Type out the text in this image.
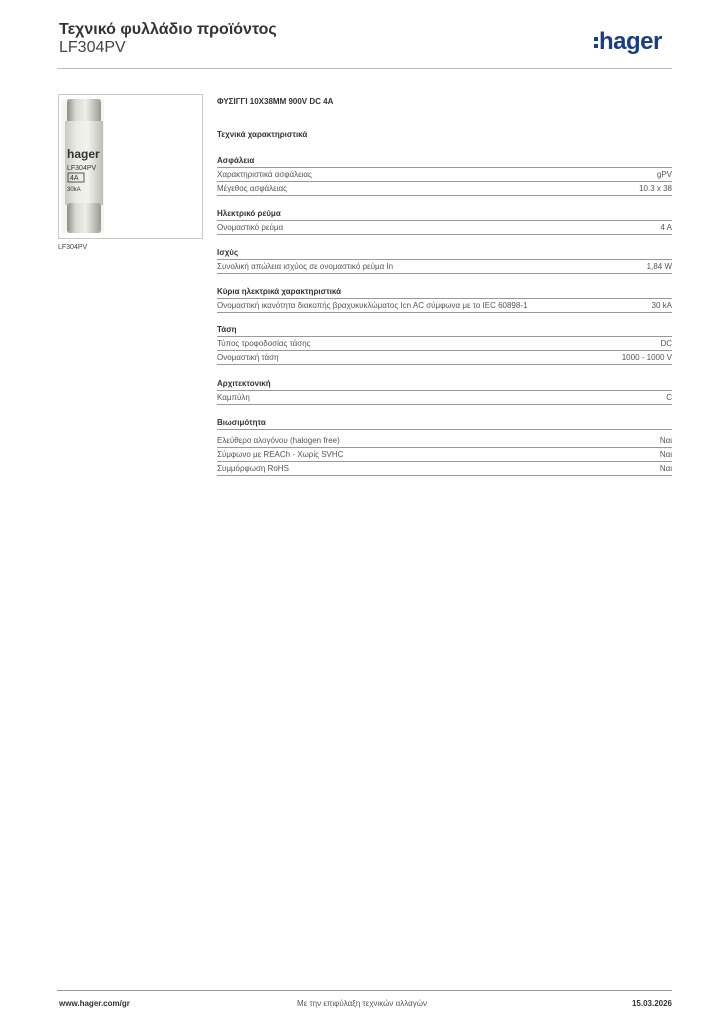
Τεχνικό φυλλάδιο προϊόντος
LF304PV	hager
hager
LF304PV
4A
30kA
LF304PV
ΦΥΣΙΓΓΙ 10X38MM 900V DC 4A
Τεχνικά χαρακτηριστικά
Ασφάλεια
Χαρακτηριστικά ασφάλειας	gPV
Μέγεθος ασφάλειας	10.3 x 38
Ηλεκτρικό ρεύμα
Ονομαστικό ρεύμα	4 A
Ισχύς
Συνολική απώλεια ισχύος σε ονομαστικό ρεύμα In	1,84 W
Κύρια ηλεκτρικά χαρακτηριστικά
Ονομαστική ικανότητα διακοπής βραχυκυκλώματος Icn AC σύμφωνα με το IEC 60898-1	30 kA
Τάση
Τύπος τροφοδοσίας τάσης	DC
Ονομαστική τάση	1000 - 1000 V
Αρχιτεκτονική
Καμπύλη	C
Βιωσιμότητα
Ελεύθερο αλογόνου (halogen free)	Ναι
Σύμφωνο με REACh - Χωρίς SVHC	Ναι
Συμμόρφωση RoHS	Ναι
www.hager.com/gr	Με την επιφύλαξη τεχνικών αλλαγών	15.03.2026
